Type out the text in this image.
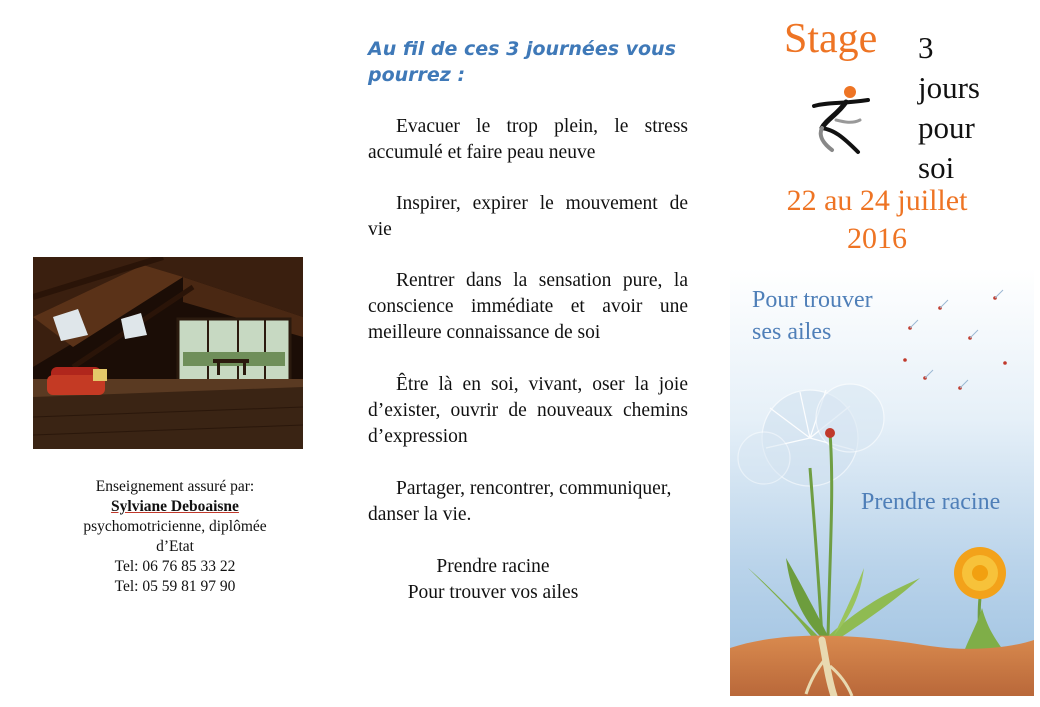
Enseignement assuré par:
Sylviane Deboaisne
psychomotricienne, diplômée
d’Etat
Tel: 06 76 85 33 22
Tel: 05 59 81 97 90
Au fil de ces 3 journées vous
pourrez :
Evacuer le trop plein, le stress accumulé et faire peau neuve
Inspirer, expirer le mouvement de vie
Rentrer dans la sensation pure, la conscience immédiate et avoir une meilleure connaissance de soi
Être là en soi, vivant, oser la joie d’exister, ouvrir de nouveaux chemins d’expression
Partager, rencontrer, communiquer, danser la vie.
Prendre racine
Pour trouver vos ailes
Stage 3
jours
pour
soi
22 au 24 juillet
2016
Pour trouver
ses ailes
Prendre racine
